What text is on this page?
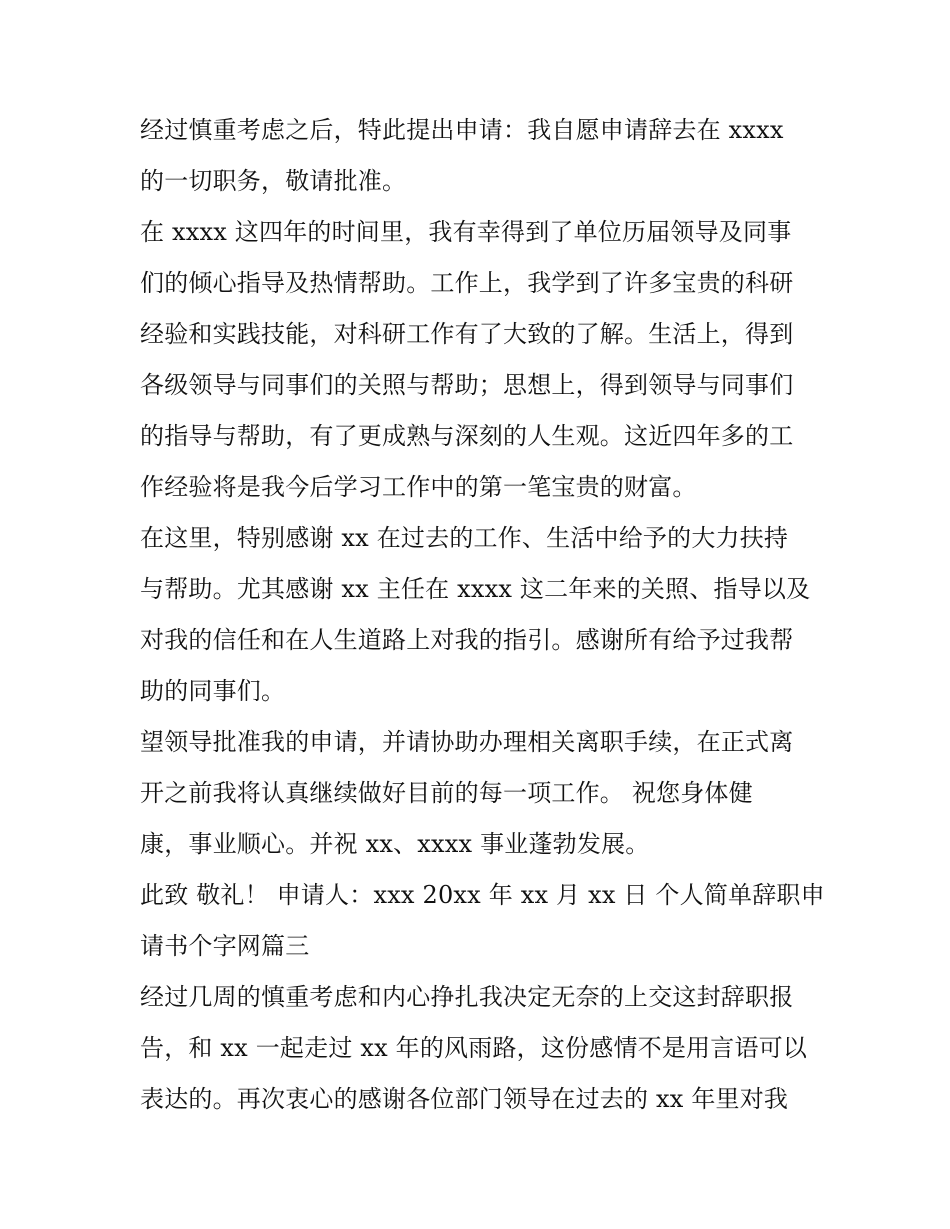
经过慎重考虑之后，特此提出申请：我自愿申请辞去在 xxxx
的一切职务，敬请批准。
在 xxxx 这四年的时间里，我有幸得到了单位历届领导及同事
们的倾心指导及热情帮助。工作上，我学到了许多宝贵的科研
经验和实践技能，对科研工作有了大致的了解。生活上，得到
各级领导与同事们的关照与帮助；思想上，得到领导与同事们
的指导与帮助，有了更成熟与深刻的人生观。这近四年多的工
作经验将是我今后学习工作中的第一笔宝贵的财富。
在这里，特别感谢 xx 在过去的工作、生活中给予的大力扶持
与帮助。尤其感谢 xx 主任在 xxxx 这二年来的关照、指导以及
对我的信任和在人生道路上对我的指引。感谢所有给予过我帮
助的同事们。
望领导批准我的申请，并请协助办理相关离职手续，在正式离
开之前我将认真继续做好目前的每一项工作。 祝您身体健
康，事业顺心。并祝 xx、xxxx 事业蓬勃发展。
此致 敬礼！ 申请人：xxx 20xx 年 xx 月 xx 日 个人简单辞职申
请书个字网篇三
经过几周的慎重考虑和内心挣扎我决定无奈的上交这封辞职报
告，和 xx 一起走过 xx 年的风雨路，这份感情不是用言语可以
表达的。再次衷心的感谢各位部门领导在过去的 xx 年里对我
